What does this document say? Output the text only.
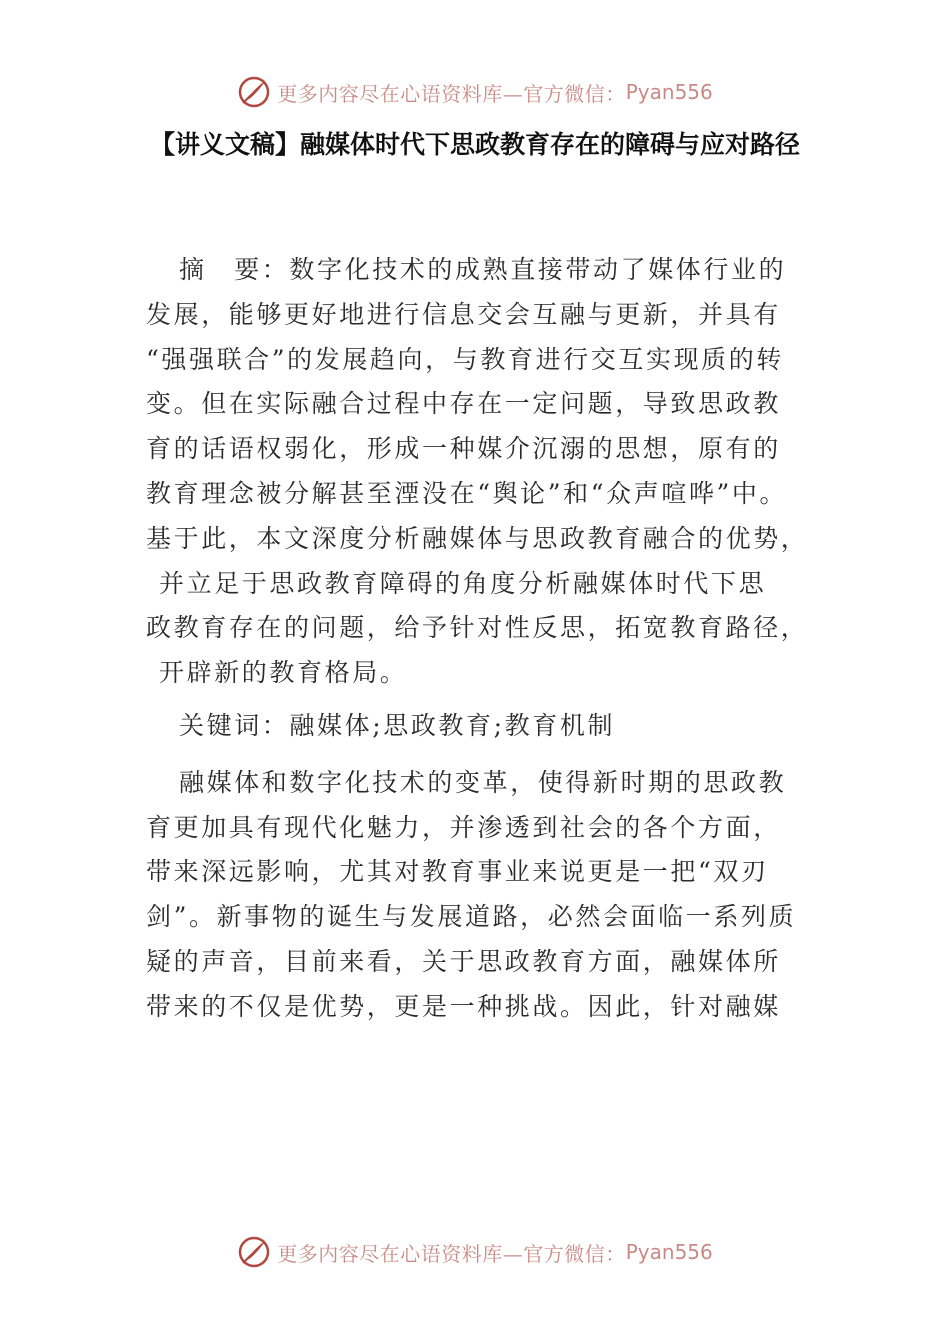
更多内容尽在心语资料库—官方微信： Pyan556
【讲义文稿】融媒体时代下思政教育存在的障碍与应对路径

摘　要：数字化技术的成熟直接带动了媒体行业的
发展，能够更好地进行信息交会互融与更新，并具有
“强强联合”的发展趋向，与教育进行交互实现质的转
变。但在实际融合过程中存在一定问题，导致思政教
育的话语权弱化，形成一种媒介沉溺的思想，原有的
教育理念被分解甚至湮没在“舆论”和“众声喧哗”中。
基于此，本文深度分析融媒体与思政教育融合的优势，
并立足于思政教育障碍的角度分析融媒体时代下思
政教育存在的问题，给予针对性反思，拓宽教育路径，
开辟新的教育格局。

关键词：融媒体;思政教育;教育机制

融媒体和数字化技术的变革，使得新时期的思政教
育更加具有现代化魅力，并渗透到社会的各个方面，
带来深远影响，尤其对教育事业来说更是一把“双刃
剑”。新事物的诞生与发展道路，必然会面临一系列质
疑的声音，目前来看，关于思政教育方面，融媒体所
带来的不仅是优势，更是一种挑战。因此，针对融媒

更多内容尽在心语资料库—官方微信： Pyan556
